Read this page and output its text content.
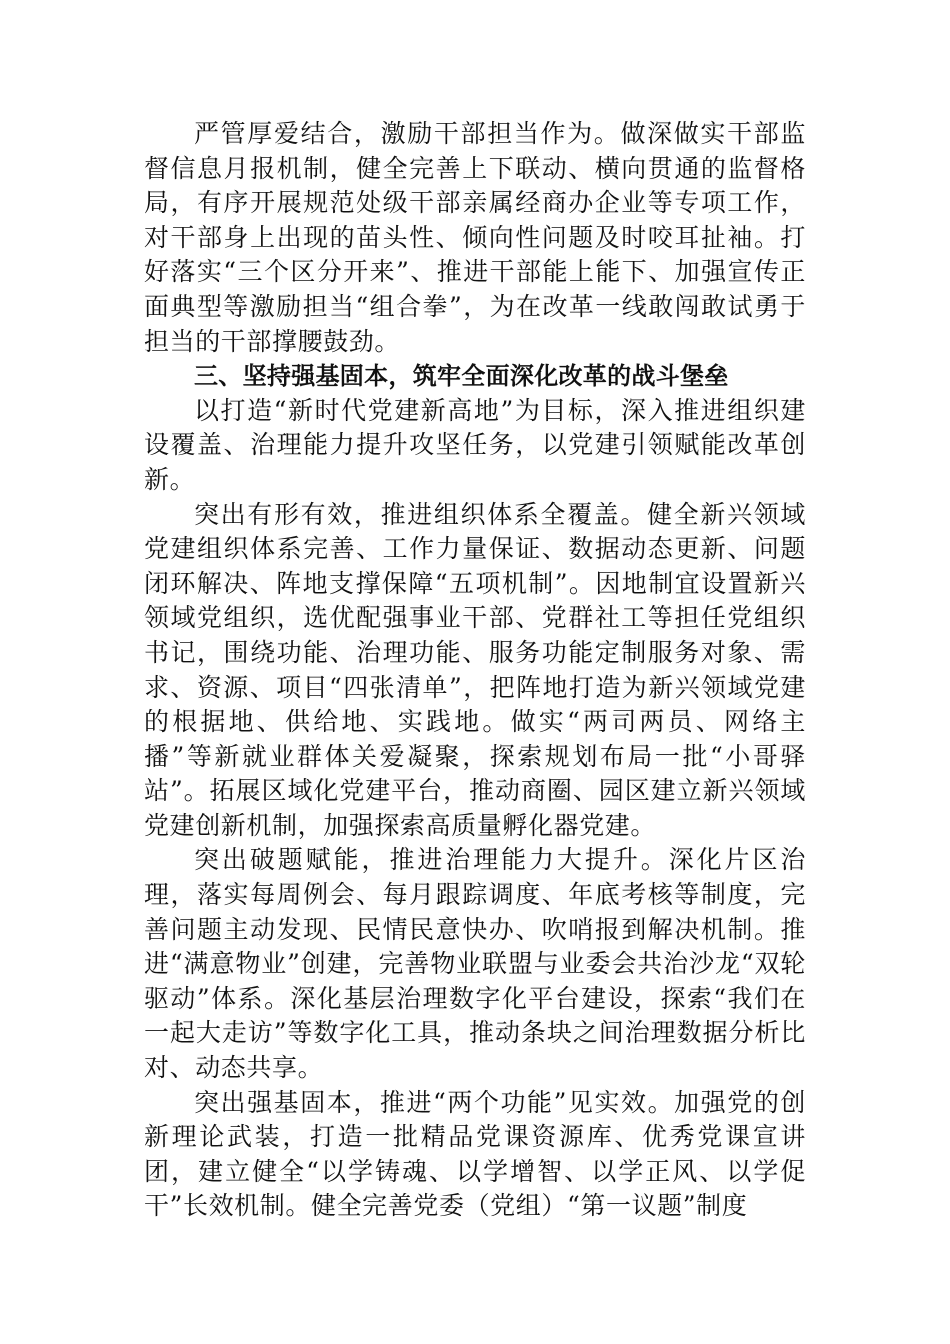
严管厚爱结合，激励干部担当作为。做深做实干部监督信息月报机制，健全完善上下联动、横向贯通的监督格局，有序开展规范处级干部亲属经商办企业等专项工作，对干部身上出现的苗头性、倾向性问题及时咬耳扯袖。打好落实“三个区分开来”、推进干部能上能下、加强宣传正面典型等激励担当“组合拳”，为在改革一线敢闯敢试勇于担当的干部撑腰鼓劲。

三、坚持强基固本，筑牢全面深化改革的战斗堡垒

以打造“新时代党建新高地”为目标，深入推进组织建设覆盖、治理能力提升攻坚任务，以党建引领赋能改革创新。

突出有形有效，推进组织体系全覆盖。健全新兴领域党建组织体系完善、工作力量保证、数据动态更新、问题闭环解决、阵地支撑保障“五项机制”。因地制宜设置新兴领域党组织，选优配强事业干部、党群社工等担任党组织书记，围绕功能、治理功能、服务功能定制服务对象、需求、资源、项目“四张清单”，把阵地打造为新兴领域党建的根据地、供给地、实践地。做实“两司两员、网络主播”等新就业群体关爱凝聚，探索规划布局一批“小哥驿站”。拓展区域化党建平台，推动商圈、园区建立新兴领域党建创新机制，加强探索高质量孵化器党建。

突出破题赋能，推进治理能力大提升。深化片区治理，落实每周例会、每月跟踪调度、年底考核等制度，完善问题主动发现、民情民意快办、吹哨报到解决机制。推进“满意物业”创建，完善物业联盟与业委会共治沙龙“双轮驱动”体系。深化基层治理数字化平台建设，探索“我们在一起大走访”等数字化工具，推动条块之间治理数据分析比对、动态共享。

突出强基固本，推进“两个功能”见实效。加强党的创新理论武装，打造一批精品党课资源库、优秀党课宣讲团，建立健全“以学铸魂、以学增智、以学正风、以学促干”长效机制。健全完善党委（党组）“第一议题”制度
